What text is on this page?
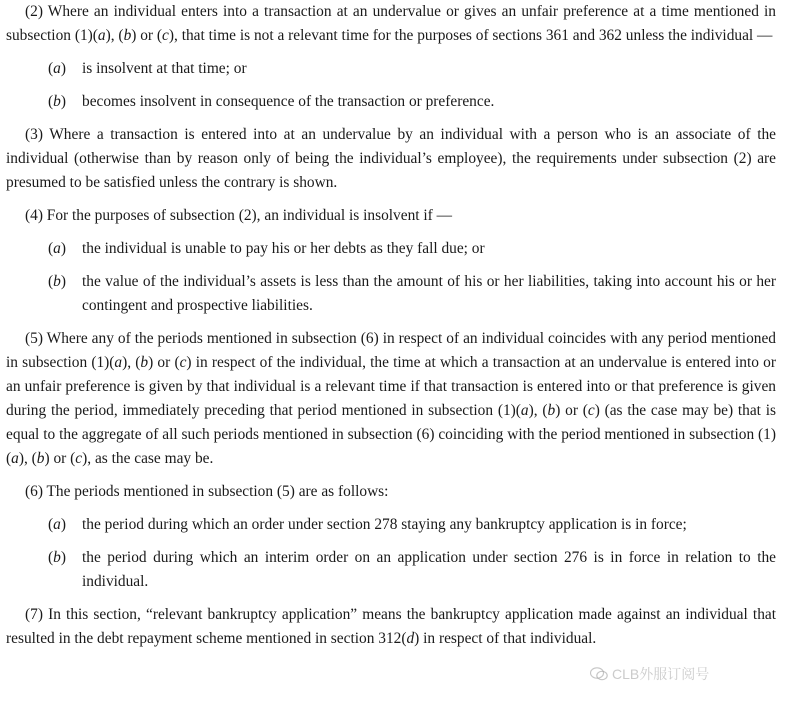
(2) Where an individual enters into a transaction at an undervalue or gives an unfair preference at a time mentioned in subsection (1)(a), (b) or (c), that time is not a relevant time for the purposes of sections 361 and 362 unless the individual —

(a) is insolvent at that time; or

(b) becomes insolvent in consequence of the transaction or preference.

(3) Where a transaction is entered into at an undervalue by an individual with a person who is an associate of the individual (otherwise than by reason only of being the individual’s employee), the requirements under subsection (2) are presumed to be satisfied unless the contrary is shown.

(4) For the purposes of subsection (2), an individual is insolvent if —

(a) the individual is unable to pay his or her debts as they fall due; or

(b) the value of the individual’s assets is less than the amount of his or her liabilities, taking into account his or her contingent and prospective liabilities.

(5) Where any of the periods mentioned in subsection (6) in respect of an individual coincides with any period mentioned in subsection (1)(a), (b) or (c) in respect of the individual, the time at which a transaction at an undervalue is entered into or an unfair preference is given by that individual is a relevant time if that transaction is entered into or that preference is given during the period, immediately preceding that period mentioned in subsection (1)(a), (b) or (c) (as the case may be) that is equal to the aggregate of all such periods mentioned in subsection (6) coinciding with the period mentioned in subsection (1)(a), (b) or (c), as the case may be.

(6) The periods mentioned in subsection (5) are as follows:

(a) the period during which an order under section 278 staying any bankruptcy application is in force;

(b) the period during which an interim order on an application under section 276 is in force in relation to the individual.

(7) In this section, “relevant bankruptcy application” means the bankruptcy application made against an individual that resulted in the debt repayment scheme mentioned in section 312(d) in respect of that individual.

CLB外服订阅号
